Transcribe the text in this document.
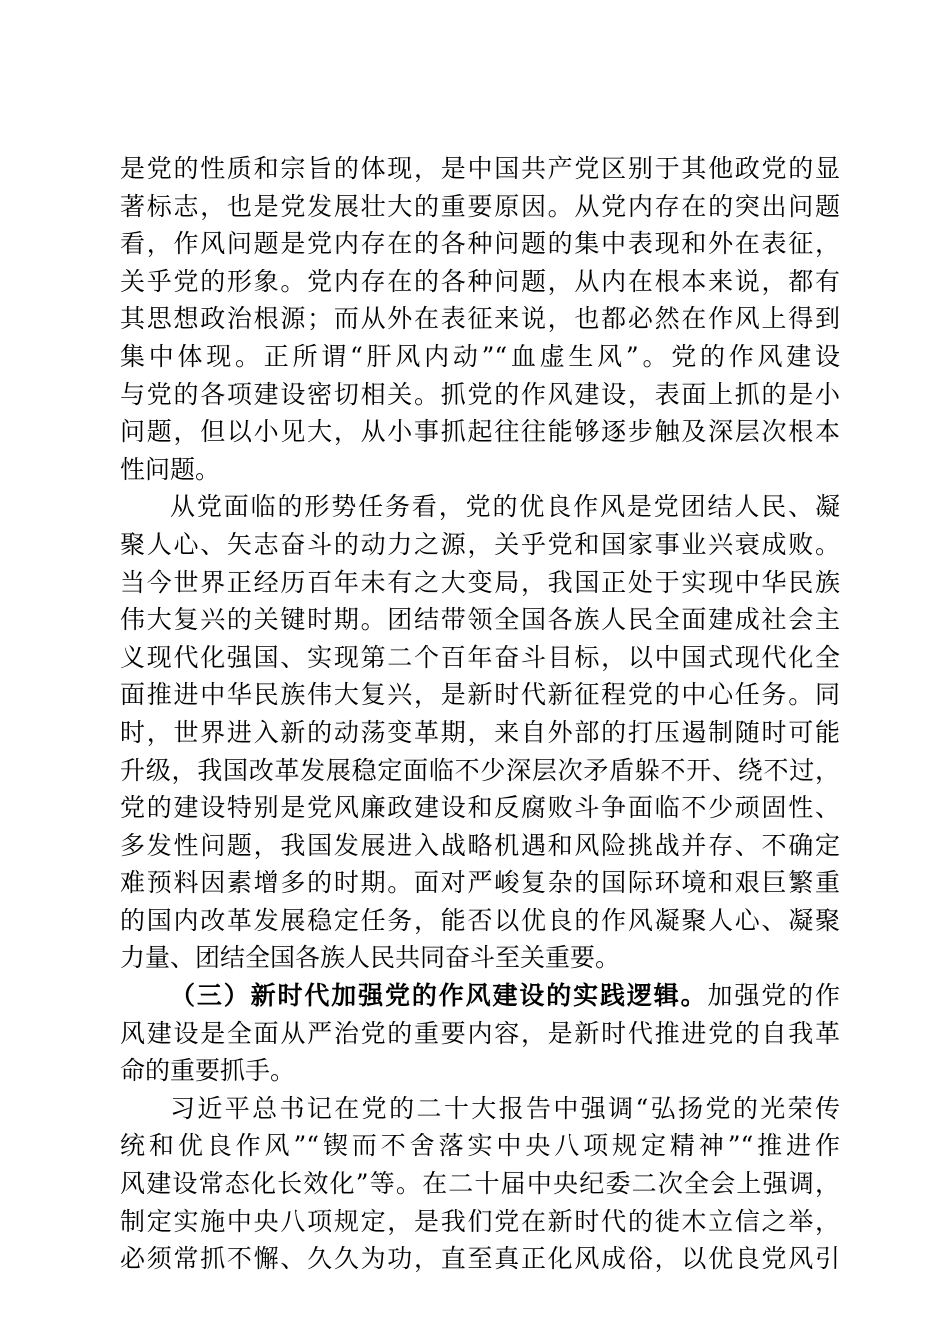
是党的性质和宗旨的体现，是中国共产党区别于其他政党的显
著标志，也是党发展壮大的重要原因。从党内存在的突出问题
看，作风问题是党内存在的各种问题的集中表现和外在表征，
关乎党的形象。党内存在的各种问题，从内在根本来说，都有
其思想政治根源；而从外在表征来说，也都必然在作风上得到
集中体现。正所谓“肝风内动”“血虚生风”。党的作风建设
与党的各项建设密切相关。抓党的作风建设，表面上抓的是小
问题，但以小见大，从小事抓起往往能够逐步触及深层次根本
性问题。
从党面临的形势任务看，党的优良作风是党团结人民、凝
聚人心、矢志奋斗的动力之源，关乎党和国家事业兴衰成败。
当今世界正经历百年未有之大变局，我国正处于实现中华民族
伟大复兴的关键时期。团结带领全国各族人民全面建成社会主
义现代化强国、实现第二个百年奋斗目标，以中国式现代化全
面推进中华民族伟大复兴，是新时代新征程党的中心任务。同
时，世界进入新的动荡变革期，来自外部的打压遏制随时可能
升级，我国改革发展稳定面临不少深层次矛盾躲不开、绕不过，
党的建设特别是党风廉政建设和反腐败斗争面临不少顽固性、
多发性问题，我国发展进入战略机遇和风险挑战并存、不确定
难预料因素增多的时期。面对严峻复杂的国际环境和艰巨繁重
的国内改革发展稳定任务，能否以优良的作风凝聚人心、凝聚
力量、团结全国各族人民共同奋斗至关重要。
（三）新时代加强党的作风建设的实践逻辑。加强党的作
风建设是全面从严治党的重要内容，是新时代推进党的自我革
命的重要抓手。
习近平总书记在党的二十大报告中强调“弘扬党的光荣传
统和优良作风”“锲而不舍落实中央八项规定精神”“推进作
风建设常态化长效化”等。在二十届中央纪委二次全会上强调，
制定实施中央八项规定，是我们党在新时代的徙木立信之举，
必须常抓不懈、久久为功，直至真正化风成俗，以优良党风引
